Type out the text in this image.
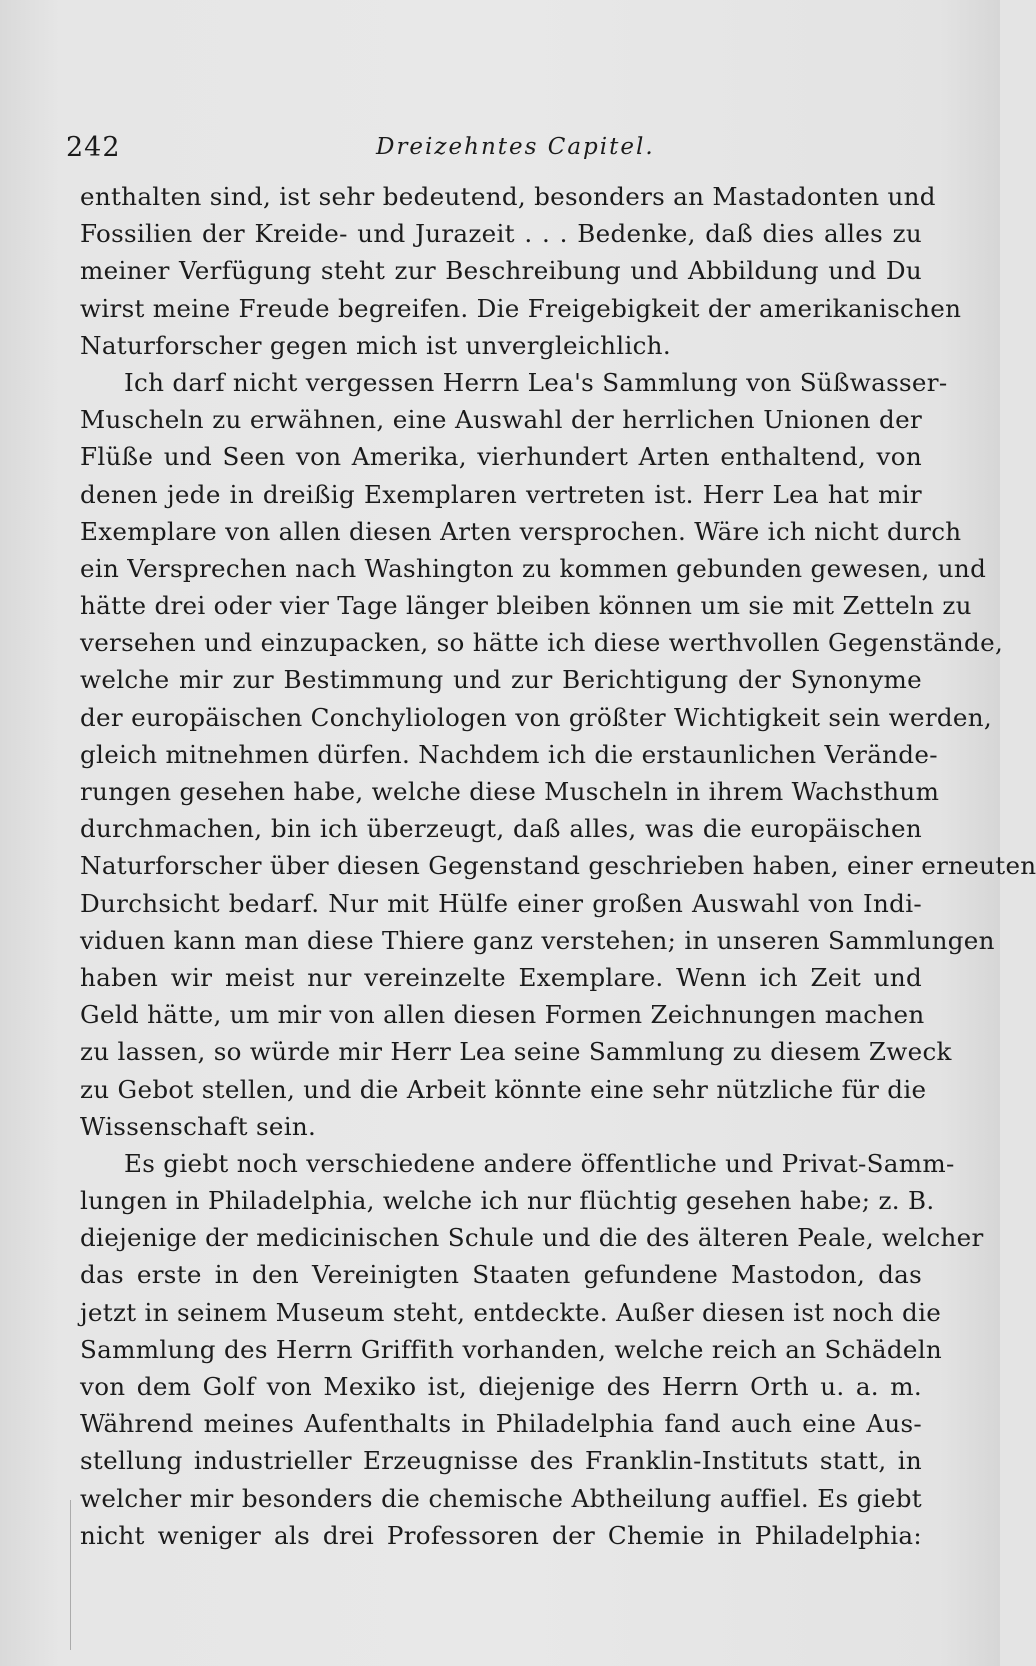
242	Dreizehntes Capitel.
enthalten sind, ist sehr bedeutend, besonders an Mastadonten und
Fossilien der Kreide- und Jurazeit . . . Bedenke, daß dies alles zu
meiner Verfügung steht zur Beschreibung und Abbildung und Du
wirst meine Freude begreifen. Die Freigebigkeit der amerikanischen
Naturforscher gegen mich ist unvergleichlich.
Ich darf nicht vergessen Herrn Lea's Sammlung von Süßwasser-
Muscheln zu erwähnen, eine Auswahl der herrlichen Unionen der
Flüße und Seen von Amerika, vierhundert Arten enthaltend, von
denen jede in dreißig Exemplaren vertreten ist. Herr Lea hat mir
Exemplare von allen diesen Arten versprochen. Wäre ich nicht durch
ein Versprechen nach Washington zu kommen gebunden gewesen, und
hätte drei oder vier Tage länger bleiben können um sie mit Zetteln zu
versehen und einzupacken, so hätte ich diese werthvollen Gegenstände,
welche mir zur Bestimmung und zur Berichtigung der Synonyme
der europäischen Conchyliologen von größter Wichtigkeit sein werden,
gleich mitnehmen dürfen. Nachdem ich die erstaunlichen Verände-
rungen gesehen habe, welche diese Muscheln in ihrem Wachsthum
durchmachen, bin ich überzeugt, daß alles, was die europäischen
Naturforscher über diesen Gegenstand geschrieben haben, einer erneuten
Durchsicht bedarf. Nur mit Hülfe einer großen Auswahl von Indi-
viduen kann man diese Thiere ganz verstehen; in unseren Sammlungen
haben wir meist nur vereinzelte Exemplare. Wenn ich Zeit und
Geld hätte, um mir von allen diesen Formen Zeichnungen machen
zu lassen, so würde mir Herr Lea seine Sammlung zu diesem Zweck
zu Gebot stellen, und die Arbeit könnte eine sehr nützliche für die
Wissenschaft sein.
Es giebt noch verschiedene andere öffentliche und Privat-Samm-
lungen in Philadelphia, welche ich nur flüchtig gesehen habe; z. B.
diejenige der medicinischen Schule und die des älteren Peale, welcher
das erste in den Vereinigten Staaten gefundene Mastodon, das
jetzt in seinem Museum steht, entdeckte. Außer diesen ist noch die
Sammlung des Herrn Griffith vorhanden, welche reich an Schädeln
von dem Golf von Mexiko ist, diejenige des Herrn Orth u. a. m.
Während meines Aufenthalts in Philadelphia fand auch eine Aus-
stellung industrieller Erzeugnisse des Franklin-Instituts statt, in
welcher mir besonders die chemische Abtheilung auffiel. Es giebt
nicht weniger als drei Professoren der Chemie in Philadelphia:
